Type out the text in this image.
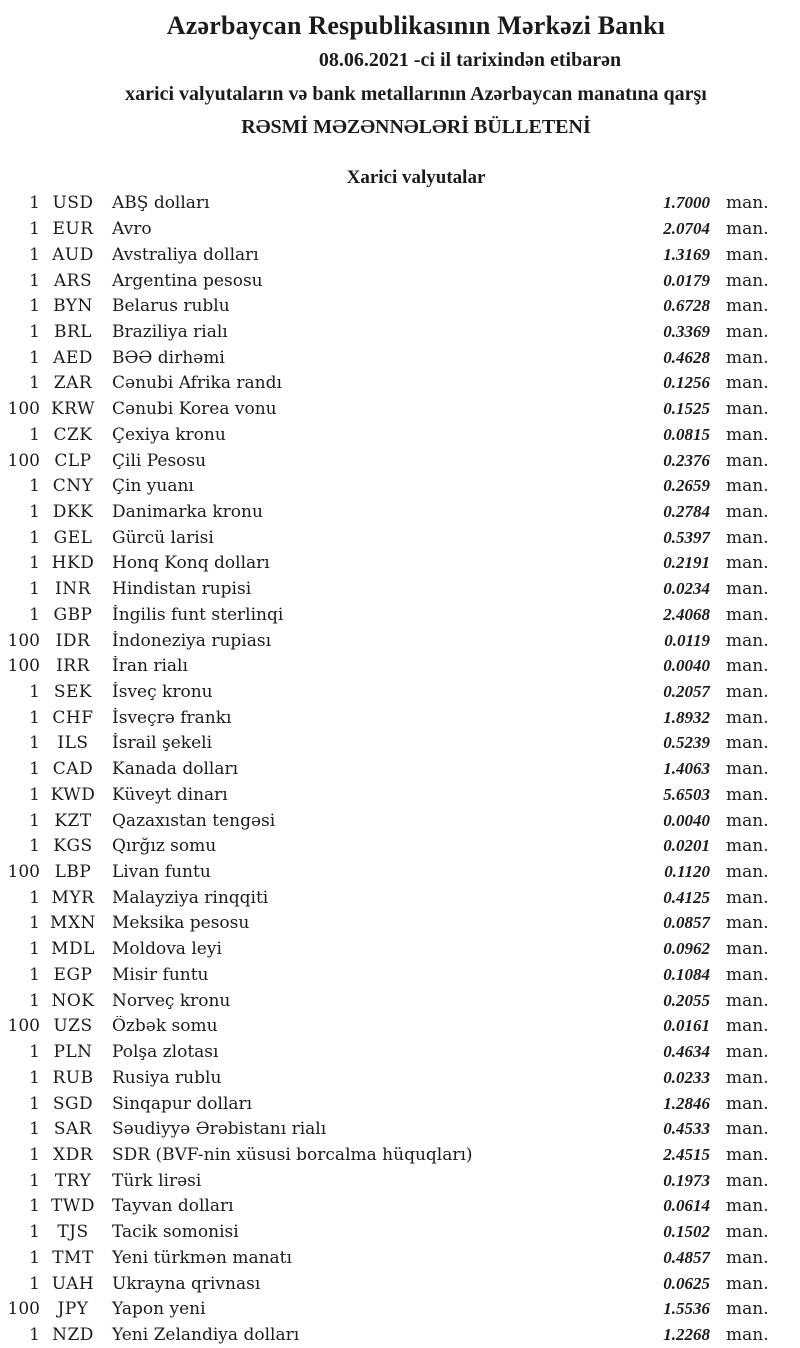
Azərbaycan Respublikasının Mərkəzi Bankı
08.06.2021 -ci il tarixindən etibarən
xarici valyutaların və bank metallarının Azərbaycan manatına qarşı
RƏSMİ MƏZƏNNƏLƏRİ BÜLLETENİ
Xarici valyutalar
1 USD	ABŞ dolları	1.7000 man.
1 EUR	Avro	2.0704 man.
1 AUD	Avstraliya dolları	1.3169 man.
1 ARS	Argentina pesosu	0.0179 man.
1 BYN	Belarus rublu	0.6728 man.
1 BRL	Braziliya rialı	0.3369 man.
1 AED	BƏƏ dirhəmi	0.4628 man.
1 ZAR	Cənubi Afrika randı	0.1256 man.
100 KRW Cənubi Korea vonu	0.1525 man.
1 CZK	Çexiya kronu	0.0815 man.
100 CLP	Çili Pesosu	0.2376 man.
1 CNY	Çin yuanı	0.2659 man.
1 DKK	Danimarka kronu	0.2784 man.
1 GEL	Gürcü larisi	0.5397 man.
1 HKD	Honq Konq dolları	0.2191 man.
1 INR	Hindistan rupisi	0.0234 man.
1 GBP	İngilis funt sterlinqi	2.4068 man.
100 IDR	İndoneziya rupiası	0.0119 man.
100 IRR	İran rialı	0.0040 man.
1 SEK	İsveç kronu	0.2057 man.
1 CHF	İsveçrə frankı	1.8932 man.
1	ILS	İsrail şekeli	0.5239 man.
1 CAD	Kanada dolları	1.4063 man.
1 KWD Küveyt dinarı	5.6503 man.
1 KZT	Qazaxıstan tengəsi	0.0040 man.
1 KGS	Qırğız somu	0.0201 man.
100 LBP	Livan funtu	0.1120 man.
1 MYR	Malayziya rinqqiti	0.4125 man.
1 MXN Meksika pesosu	0.0857 man.
1 MDL	Moldova leyi	0.0962 man.
1 EGP	Misir funtu	0.1084 man.
1 NOK	Norveç kronu	0.2055 man.
100 UZS	Özbək somu	0.0161 man.
1 PLN	Polşa zlotası	0.4634 man.
1 RUB	Rusiya rublu	0.0233 man.
1 SGD	Sinqapur dolları	1.2846 man.
1 SAR	Səudiyyə Ərəbistanı rialı	0.4533 man.
1 XDR	SDR (BVF-nin xüsusi borcalma hüquqları)	2.4515 man.
1 TRY	Türk lirəsi	0.1973 man.
1 TWD	Tayvan dolları	0.0614 man.
1	TJS	Tacik somonisi	0.1502 man.
1 TMT	Yeni türkmən manatı	0.4857 man.
1 UAH	Ukrayna qrivnası	0.0625 man.
100	JPY	Yapon yeni	1.5536 man.
1 NZD	Yeni Zelandiya dolları	1.2268 man.
